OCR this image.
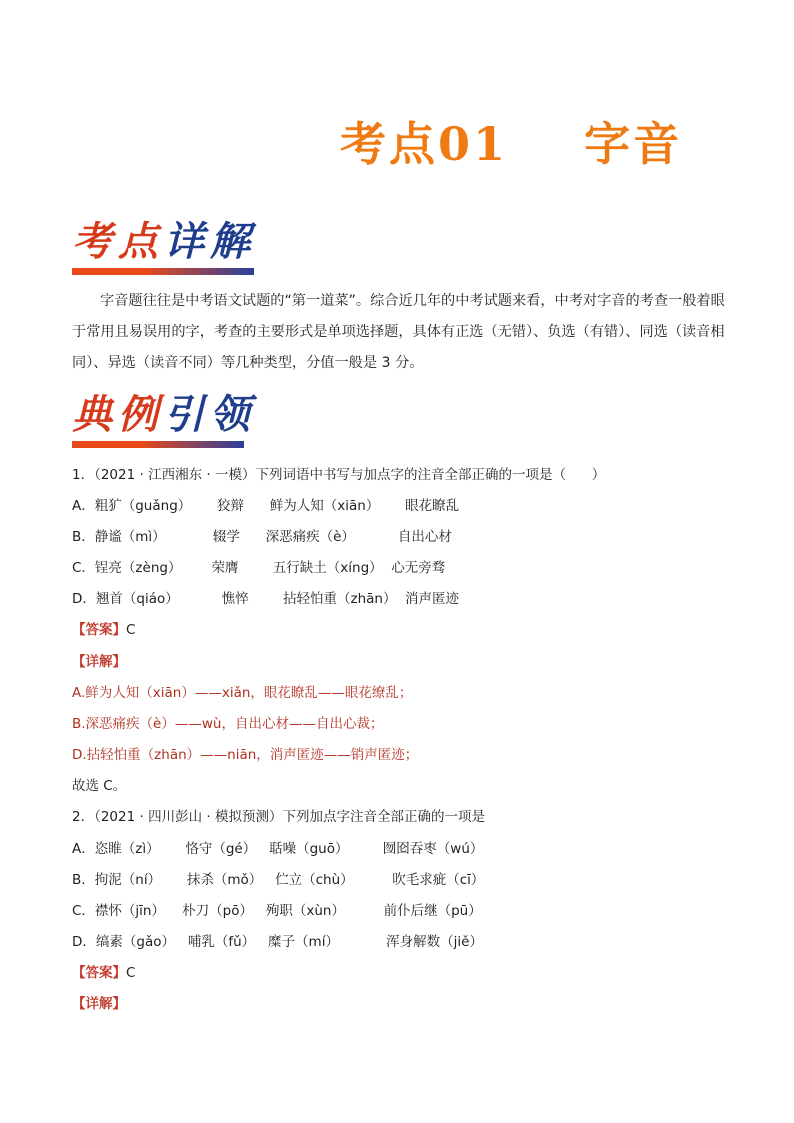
考点01    字音
考点详解
字音题往往是中考语文试题的“第一道菜”。综合近几年的中考试题来看，中考对字音的考查一般着眼于常用且易误用的字，考查的主要形式是单项选择题，具体有正选（无错）、负选（有错）、同选（读音相同）、异选（读音不同）等几种类型，分值一般是 3 分。
典例引领
1．（2021 · 江西湘东 · 一模）下列词语中书写与加点字的注音全部正确的一项是（      ）
A．粗犷（guǎng）      狡辩      鲜为人知（xiān）      眼花瞭乱
B．静谧（mì）           辍学      深恶痛疾（è）          自出心材
C．锃亮（zèng）       荣膺        五行缺土（xíng）  心无旁骛
D．翘首（qiáo）          憔悴        拈轻怕重（zhān）  消声匿迹
【答案】C
【详解】
A.鲜为人知（xiān）——xiǎn，眼花瞭乱——眼花缭乱；
B.深恶痛疾（è）——wù，自出心材——自出心裁；
D.拈轻怕重（zhān）——niān，消声匿迹——销声匿迹；
故选 C。
2．（2021 · 四川彭山 · 模拟预测）下列加点字注音全部正确的一项是
A．恣睢（zì）      恪守（gé）   聒噪（guō）        囫囵吞枣（wú）
B．拘泥（ní）      抹杀（mǒ）   伫立（chù）         吹毛求疵（cī）
C．襟怀（jīn）    朴刀（pō）   殉职（xùn）         前仆后继（pū）
D．缟素（gǎo）   哺乳（fǔ）   糜子（mí）           浑身解数（jiě）
【答案】C
【详解】
